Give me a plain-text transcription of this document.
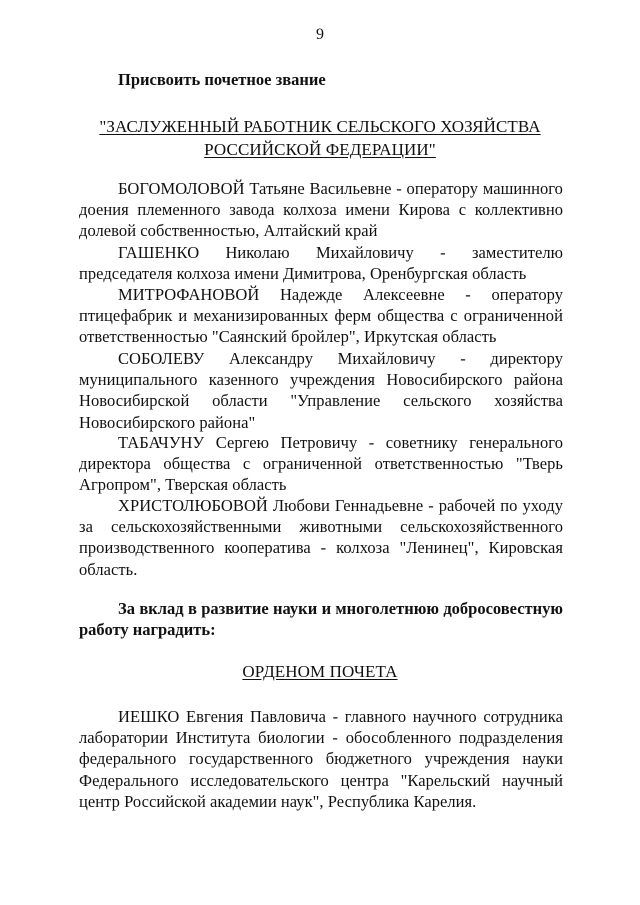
9
Присвоить почетное звание
"ЗАСЛУЖЕННЫЙ РАБОТНИК СЕЛЬСКОГО ХОЗЯЙСТВА
РОССИЙСКОЙ ФЕДЕРАЦИИ"
БОГОМОЛОВОЙ Татьяне Васильевне - оператору машинного доения племенного завода колхоза имени Кирова с коллективно долевой собственностью, Алтайский край
ГАШЕНКО Николаю Михайловичу - заместителю председателя колхоза имени Димитрова, Оренбургская область
МИТРОФАНОВОЙ Надежде Алексеевне - оператору птицефабрик и механизированных ферм общества с ограниченной ответственностью "Саянский бройлер", Иркутская область
СОБОЛЕВУ Александру Михайловичу - директору муниципального казенного учреждения Новосибирского района Новосибирской области "Управление сельского хозяйства Новосибирского района"
ТАБАЧУНУ Сергею Петровичу - советнику генерального директора общества с ограниченной ответственностью "Тверь Агропром", Тверская область
ХРИСТОЛЮБОВОЙ Любови Геннадьевне - рабочей по уходу за сельскохозяйственными животными сельскохозяйственного производственного кооператива - колхоза "Ленинец", Кировская область.
За вклад в развитие науки и многолетнюю добросовестную работу наградить:
ОРДЕНОМ ПОЧЕТА
ИЕШКО Евгения Павловича - главного научного сотрудника лаборатории Института биологии - обособленного подразделения федерального государственного бюджетного учреждения науки Федерального исследовательского центра "Карельский научный центр Российской академии наук", Республика Карелия.
